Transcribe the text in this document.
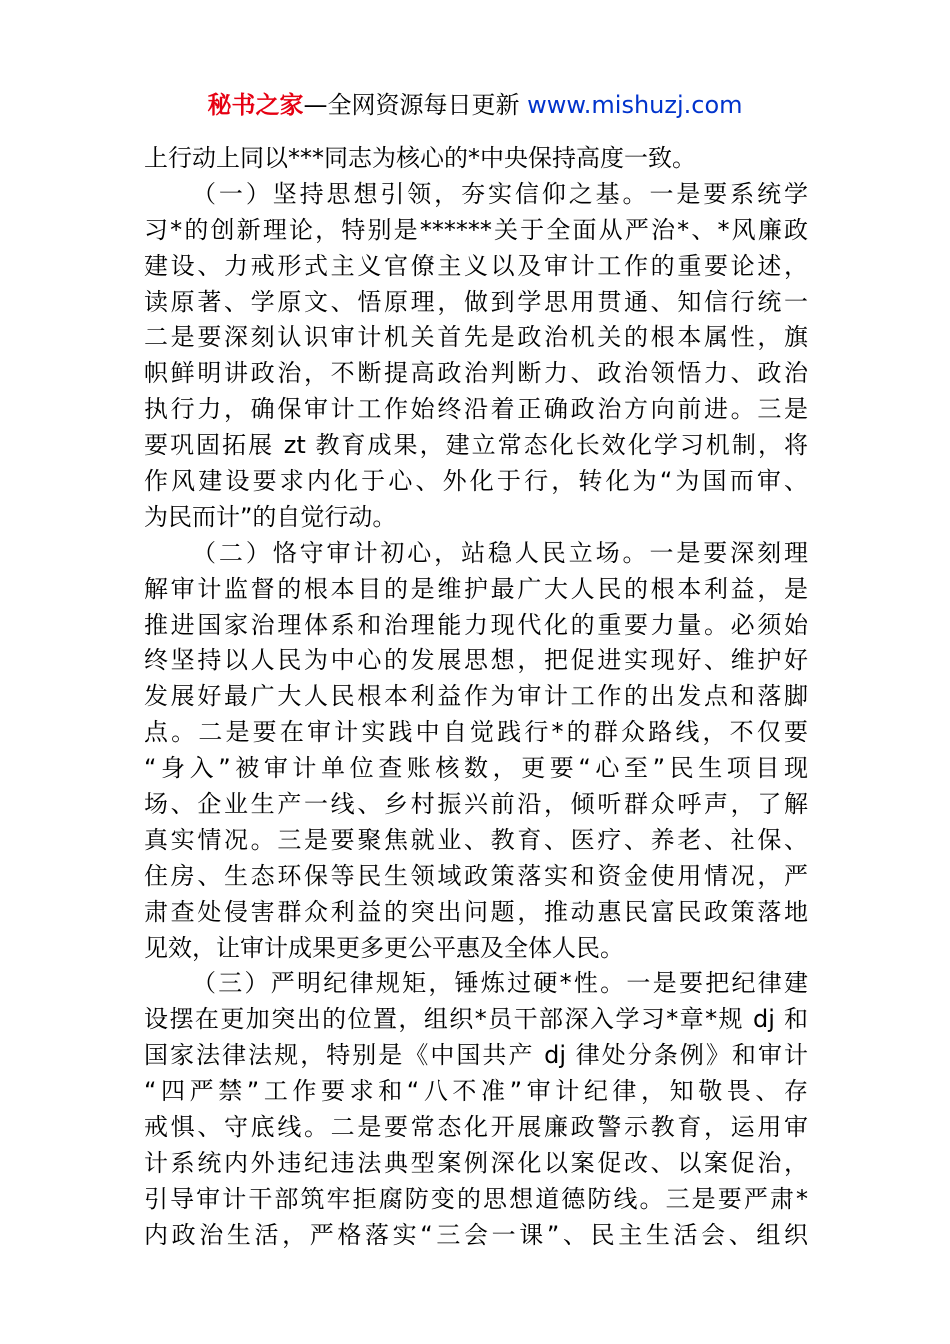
秘书之家—全网资源每日更新 www.mishuzj.com
上行动上同以***同志为核心的*中央保持高度一致。
（一）坚持思想引领，夯实信仰之基。一是要系统学
习*的创新理论，特别是******关于全面从严治*、*风廉政
建设、力戒形式主义官僚主义以及审计工作的重要论述，
读原著、学原文、悟原理，做到学思用贯通、知信行统一
二是要深刻认识审计机关首先是政治机关的根本属性，旗
帜鲜明讲政治，不断提高政治判断力、政治领悟力、政治
执行力，确保审计工作始终沿着正确政治方向前进。三是
要巩固拓展 zt 教育成果，建立常态化长效化学习机制，将
作风建设要求内化于心、外化于行，转化为“为国而审、
为民而计”的自觉行动。
（二）恪守审计初心，站稳人民立场。一是要深刻理
解审计监督的根本目的是维护最广大人民的根本利益，是
推进国家治理体系和治理能力现代化的重要力量。必须始
终坚持以人民为中心的发展思想，把促进实现好、维护好
发展好最广大人民根本利益作为审计工作的出发点和落脚
点。二是要在审计实践中自觉践行*的群众路线，不仅要
“身入”被审计单位查账核数，更要“心至”民生项目现
场、企业生产一线、乡村振兴前沿，倾听群众呼声，了解
真实情况。三是要聚焦就业、教育、医疗、养老、社保、
住房、生态环保等民生领域政策落实和资金使用情况，严
肃查处侵害群众利益的突出问题，推动惠民富民政策落地
见效，让审计成果更多更公平惠及全体人民。
（三）严明纪律规矩，锤炼过硬*性。一是要把纪律建
设摆在更加突出的位置，组织*员干部深入学习*章*规 dj 和
国家法律法规，特别是《中国共产 dj 律处分条例》和审计
“四严禁”工作要求和“八不准”审计纪律，知敬畏、存
戒惧、守底线。二是要常态化开展廉政警示教育，运用审
计系统内外违纪违法典型案例深化以案促改、以案促治，
引导审计干部筑牢拒腐防变的思想道德防线。三是要严肃*
内政治生活，严格落实“三会一课”、民主生活会、组织
